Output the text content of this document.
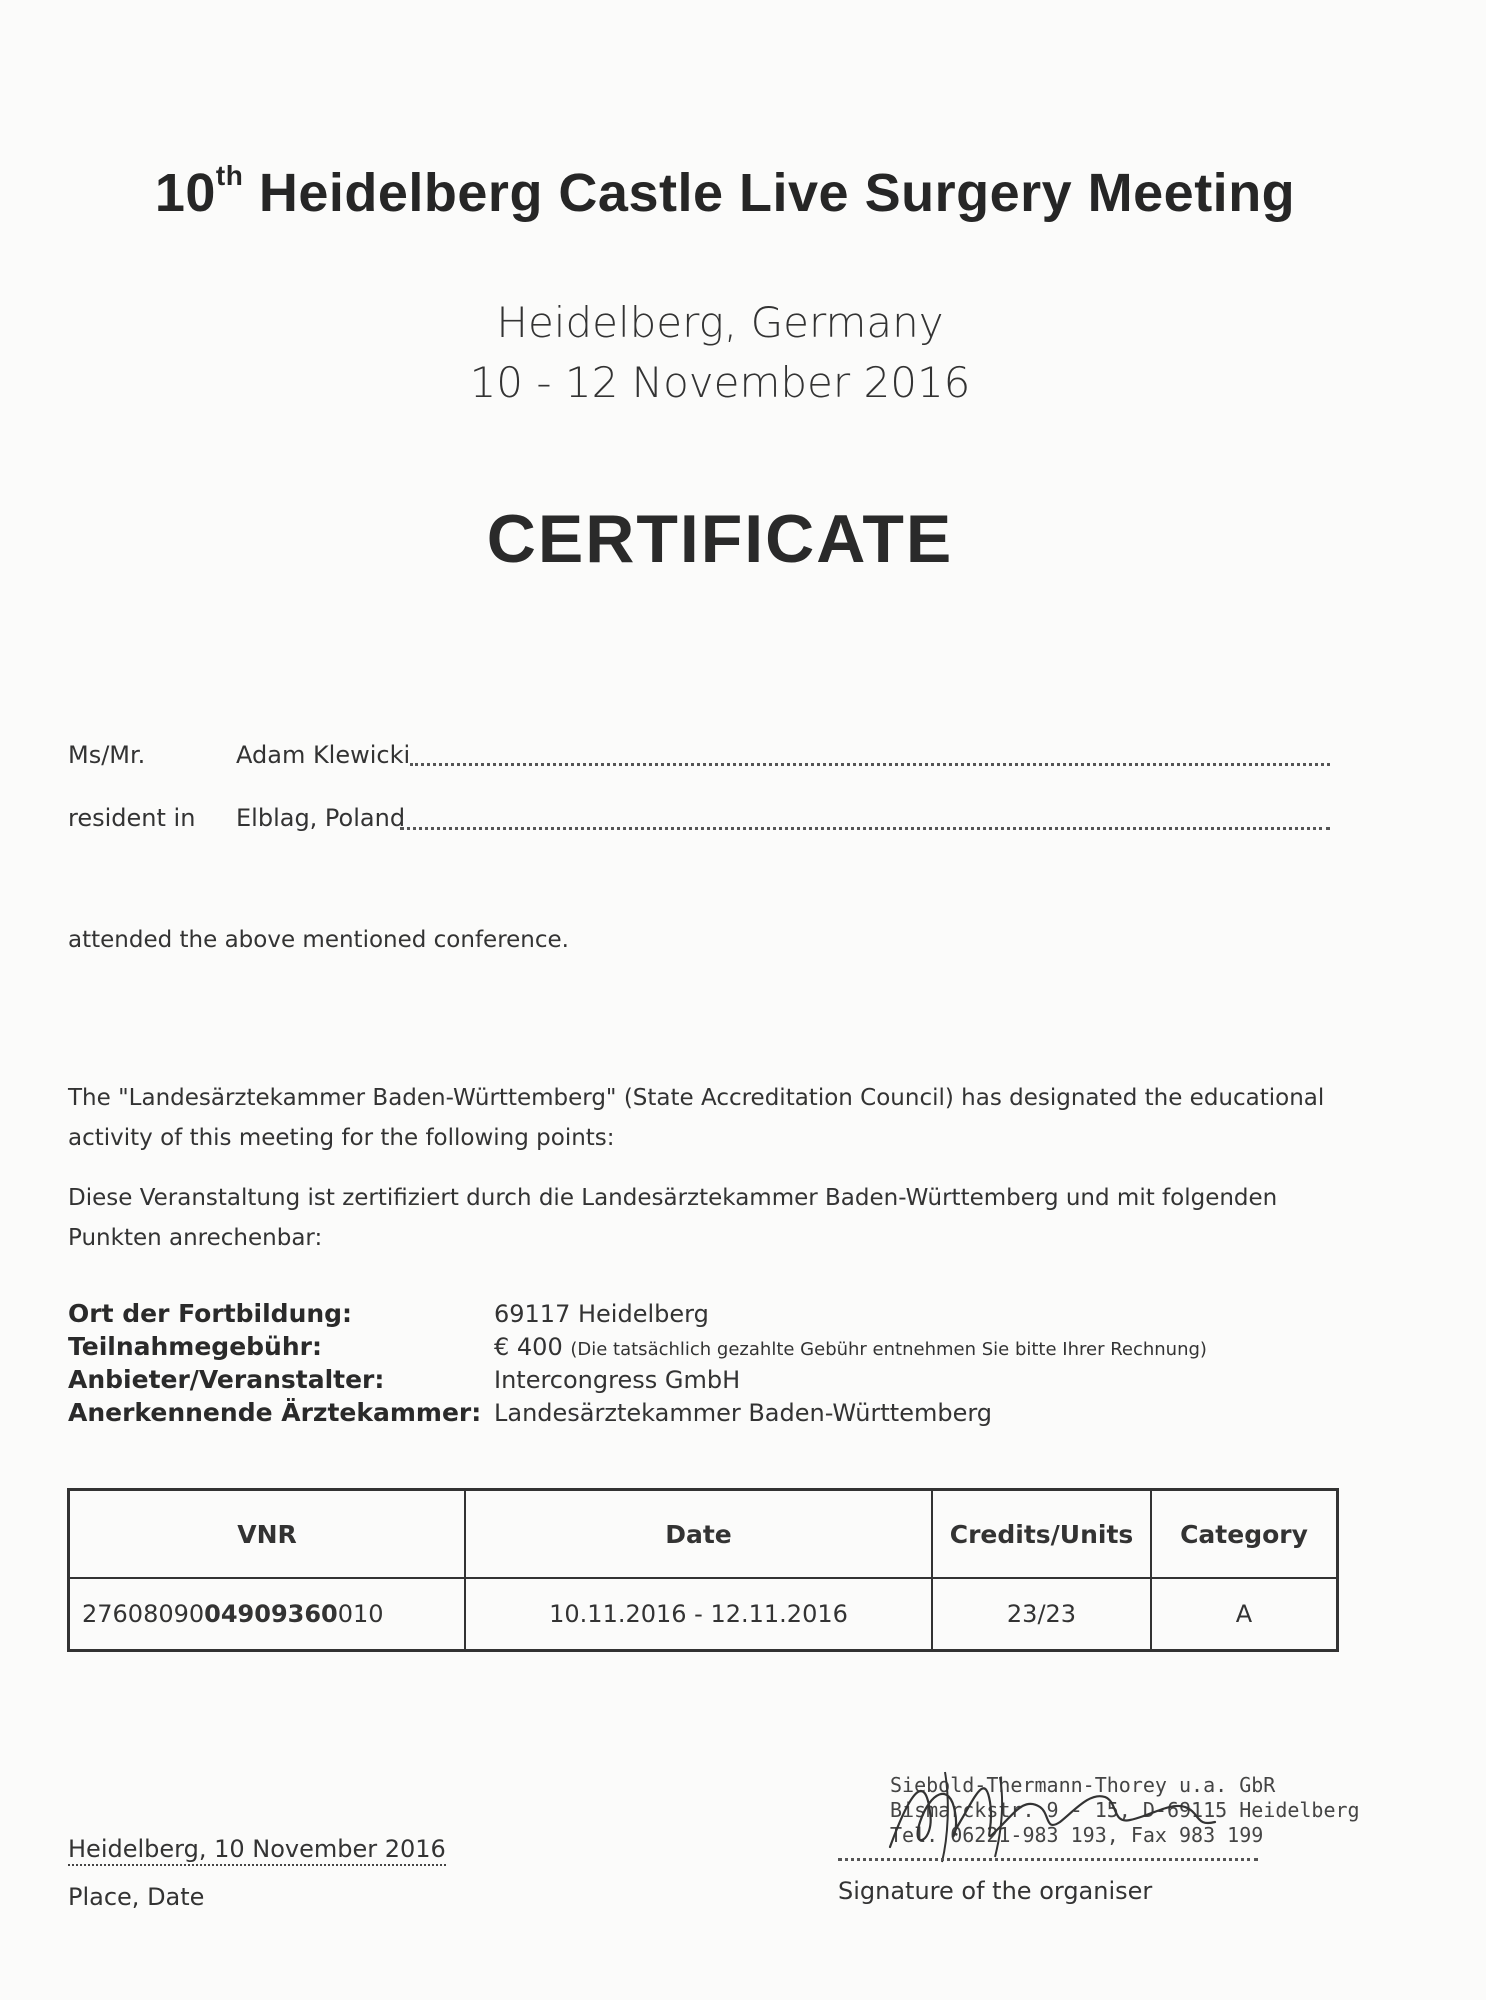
10th Heidelberg Castle Live Surgery Meeting
Heidelberg, Germany
10 - 12 November 2016
CERTIFICATE
Ms/Mr.	Adam Klewicki
resident in Elblag, Poland
attended the above mentioned conference.
The "Landesärztekammer Baden-Württemberg" (State Accreditation Council) has designated the educational activity of this meeting for the following points:
Diese Veranstaltung ist zertifiziert durch die Landesärztekammer Baden-Württemberg und mit folgenden Punkten anrechenbar:
Ort der Fortbildung:	69117 Heidelberg
Teilnahmegebühr:	€ 400 (Die tatsächlich gezahlte Gebühr entnehmen Sie bitte Ihrer Rechnung)
Anbieter/Veranstalter:	Intercongress GmbH
Anerkennende Ärztekammer: Landesärztekammer Baden-Württemberg
VNR	Date	Credits/Units	Category
2760809004909360010	10.11.2016 - 12.11.2016	23/23	A
Heidelberg, 10 November 2016
Place, Date
Siebold-Thermann-Thorey u.a. GbR
Bismarckstr. 9 - 15, D-69115 Heidelberg
Tel. 06221-983 193, Fax 983 199
Signature of the organiser
